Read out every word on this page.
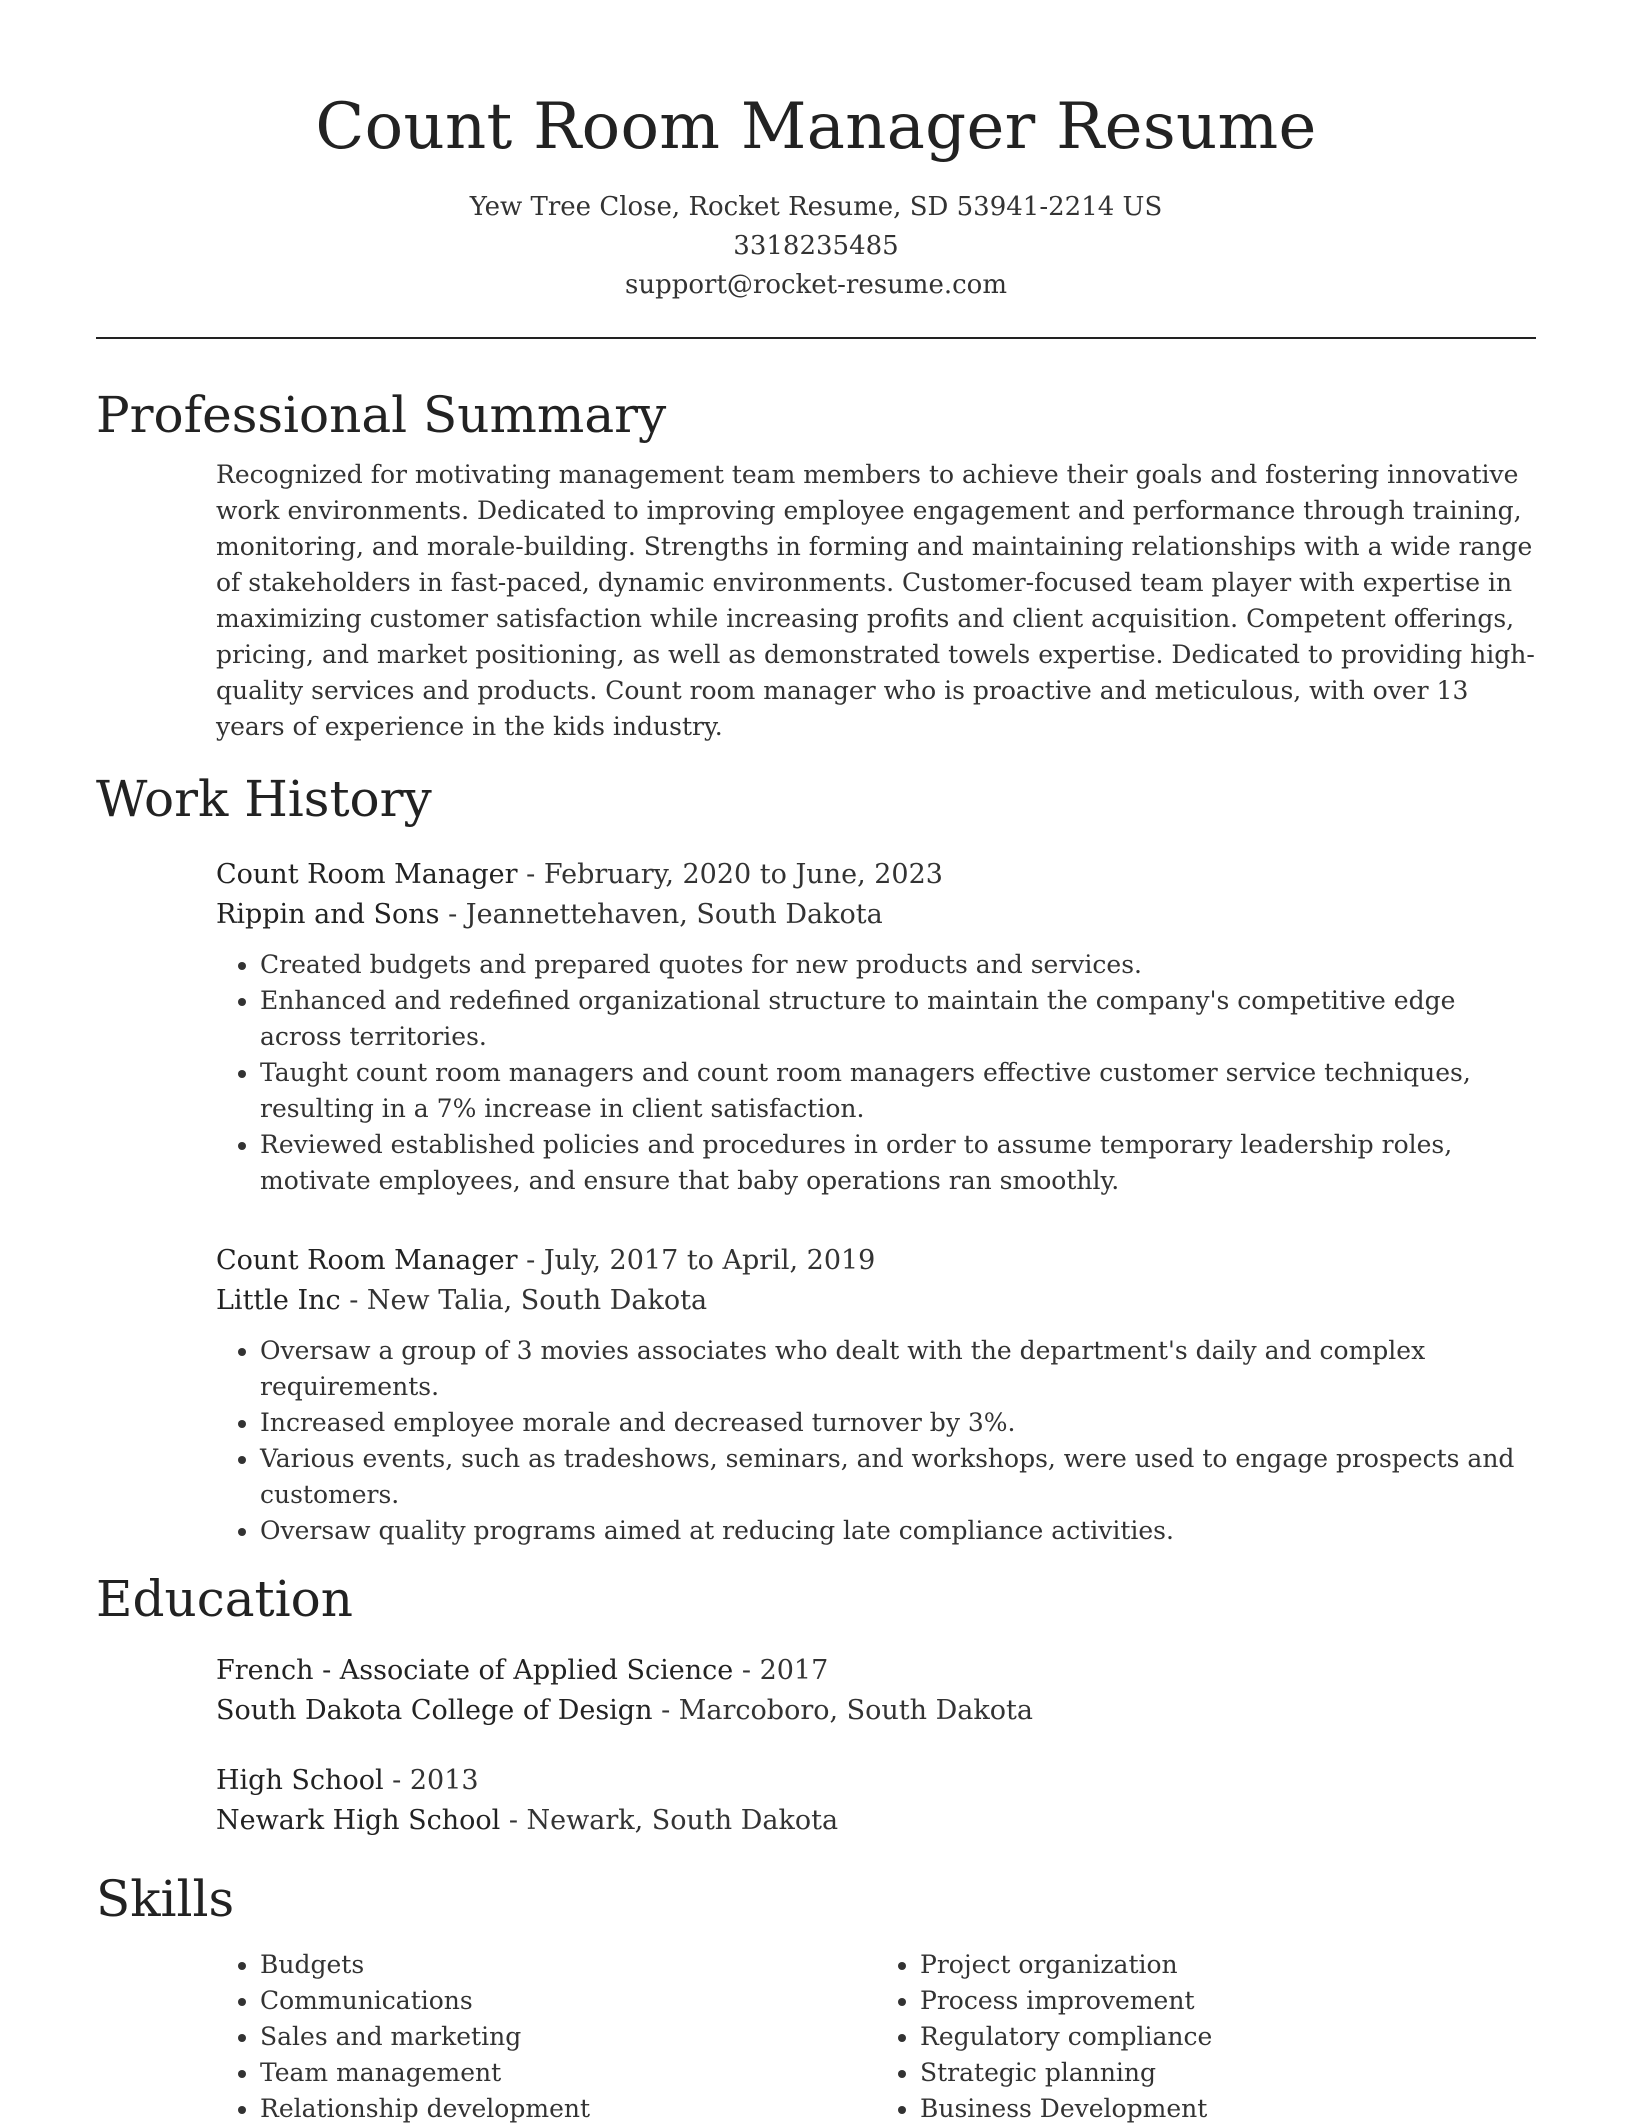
Count Room Manager Resume
Yew Tree Close, Rocket Resume, SD 53941-2214 US
3318235485
support@rocket-resume.com
Professional Summary

Recognized for motivating management team members to achieve their goals and fostering innovative work environments. Dedicated to improving employee engagement and performance through training, monitoring, and morale-building. Strengths in forming and maintaining relationships with a wide range of stakeholders in fast-paced, dynamic environments. Customer-focused team player with expertise in maximizing customer satisfaction while increasing profits and client acquisition. Competent offerings, pricing, and market positioning, as well as demonstrated towels expertise. Dedicated to providing high-quality services and products. Count room manager who is proactive and meticulous, with over 13 years of experience in the kids industry.

Work History
Count Room Manager - February, 2020 to June, 2023
Rippin and Sons - Jeannettehaven, South Dakota
• Created budgets and prepared quotes for new products and services.
• Enhanced and redefined organizational structure to maintain the company's competitive edge across territories.
• Taught count room managers and count room managers effective customer service techniques, resulting in a 7% increase in client satisfaction.
• Reviewed established policies and procedures in order to assume temporary leadership roles, motivate employees, and ensure that baby operations ran smoothly.
Count Room Manager - July, 2017 to April, 2019
Little Inc - New Talia, South Dakota
• Oversaw a group of 3 movies associates who dealt with the department's daily and complex requirements.
• Increased employee morale and decreased turnover by 3%.
• Various events, such as tradeshows, seminars, and workshops, were used to engage prospects and customers.
• Oversaw quality programs aimed at reducing late compliance activities.
Education
French - Associate of Applied Science - 2017
South Dakota College of Design - Marcoboro, South Dakota
High School - 2013
Newark High School - Newark, South Dakota
Skills
• Budgets
• Communications
• Sales and marketing
• Team management
• Relationship development
• Project organization
• Process improvement
• Regulatory compliance
• Strategic planning
• Business Development
